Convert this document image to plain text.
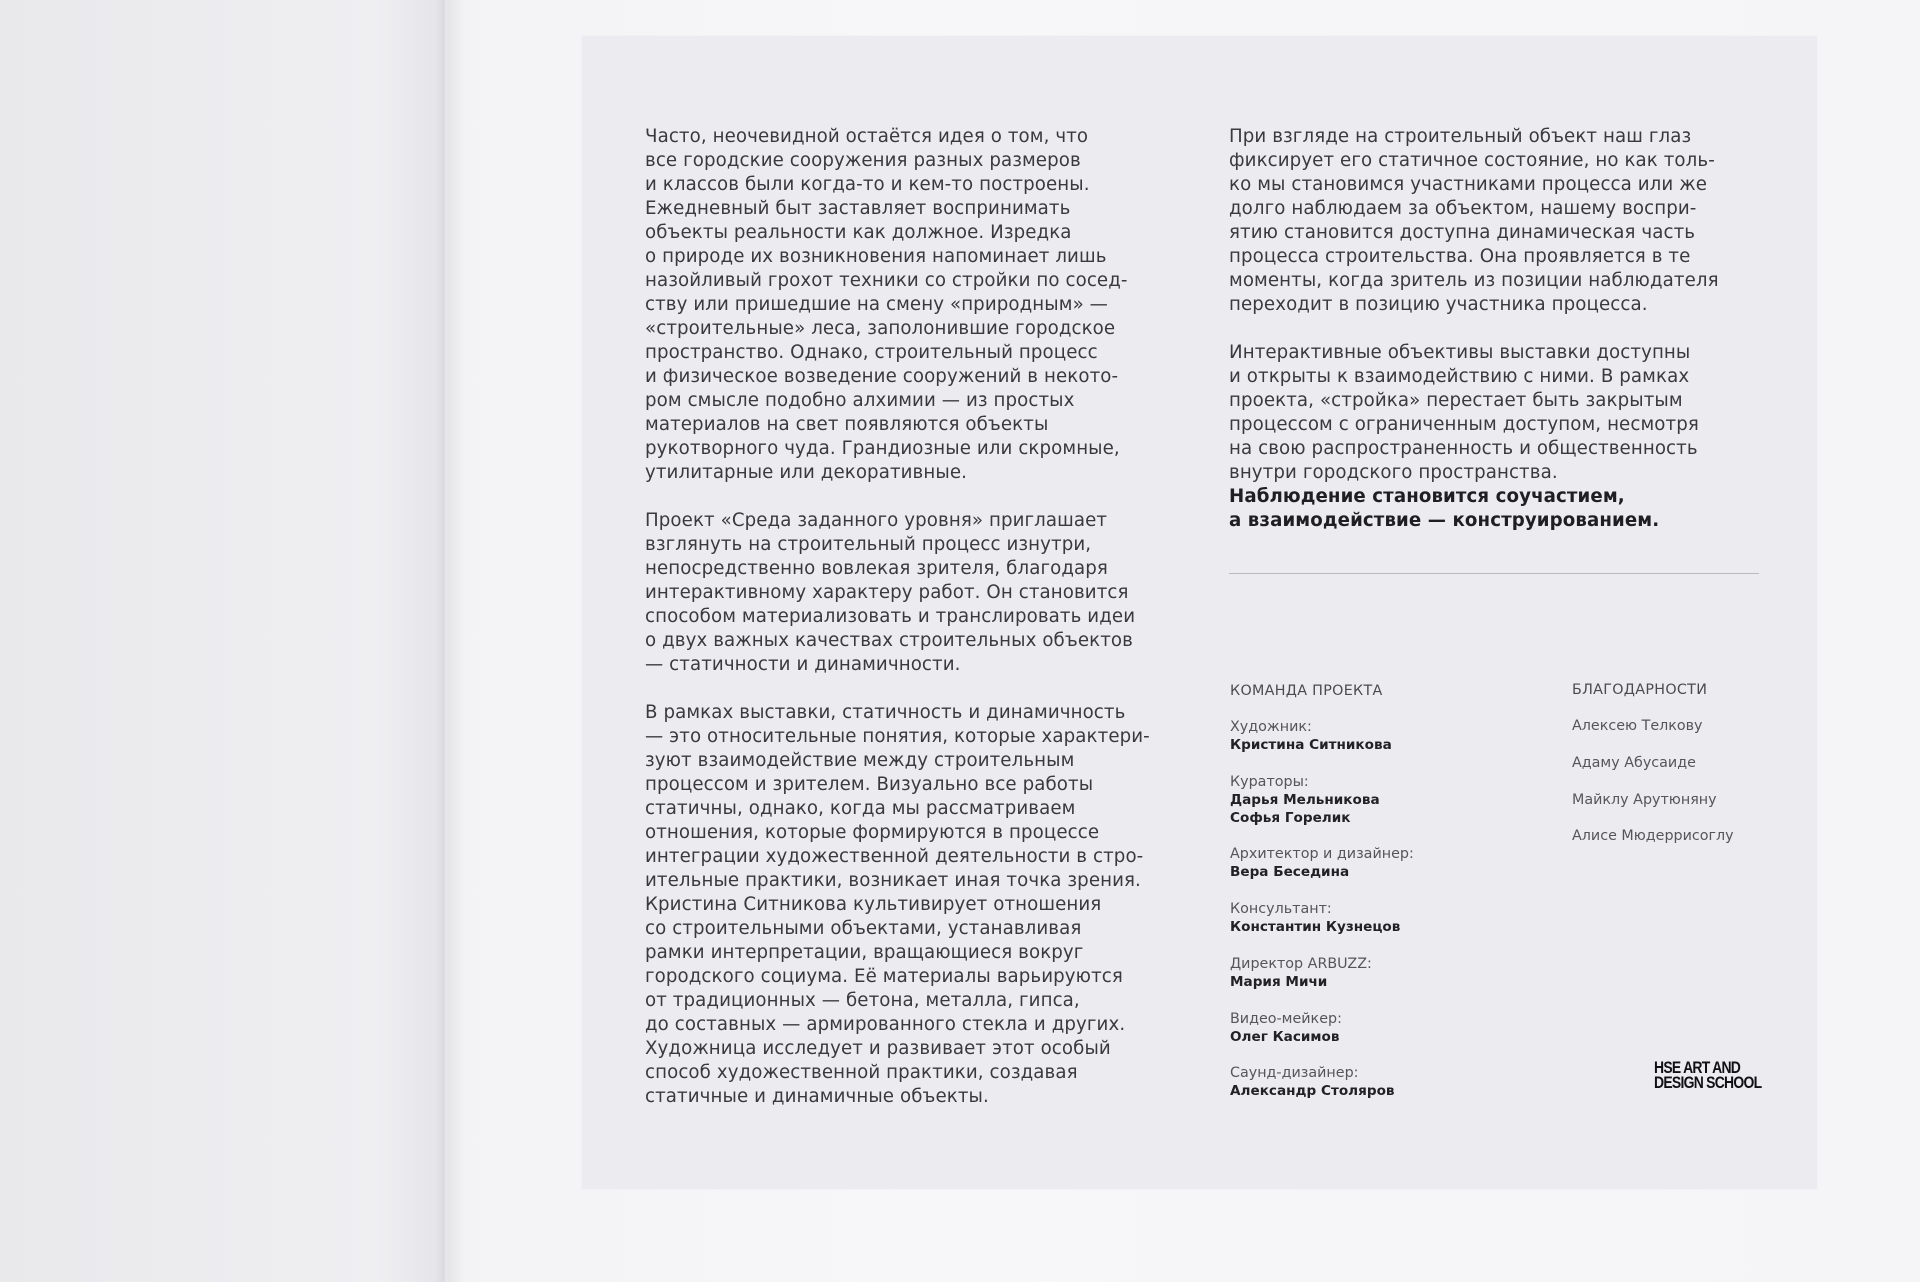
Часто, неочевидной остаётся идея о том, что
все городские сооружения разных размеров
и классов были когда-то и кем-то построены.
Ежедневный быт заставляет воспринимать
объекты реальности как должное. Изредка
о природе их возникновения напоминает лишь
назойливый грохот техники со стройки по сосед-
ству или пришедшие на смену «природным» —
«строительные» леса, заполонившие городское
пространство. Однако, строительный процесс
и физическое возведение сооружений в некото-
ром смысле подобно алхимии — из простых
материалов на свет появляются объекты
рукотворного чуда. Грандиозные или скромные,
утилитарные или декоративные.
Проект «Среда заданного уровня» приглашает
взглянуть на строительный процесс изнутри,
непосредственно вовлекая зрителя, благодаря
интерактивному характеру работ. Он становится
способом материализовать и транслировать идеи
о двух важных качествах строительных объектов
— статичности и динамичности.
В рамках выставки, статичность и динамичность
— это относительные понятия, которые характери-
зуют взаимодействие между строительным
процессом и зрителем. Визуально все работы
статичны, однако, когда мы рассматриваем
отношения, которые формируются в процессе
интеграции художественной деятельности в стро-
ительные практики, возникает иная точка зрения.
Кристина Ситникова культивирует отношения
со строительными объектами, устанавливая
рамки интерпретации, вращающиеся вокруг
городского социума. Её материалы варьируются
от традиционных — бетона, металла, гипса,
до составных — армированного стекла и других.
Художница исследует и развивает этот особый
способ художественной практики, создавая
статичные и динамичные объекты.
При взгляде на строительный объект наш глаз
фиксирует его статичное состояние, но как толь-
ко мы становимся участниками процесса или же
долго наблюдаем за объектом, нашему воспри-
ятию становится доступна динамическая часть
процесса строительства. Она проявляется в те
моменты, когда зритель из позиции наблюдателя
переходит в позицию участника процесса.
Интерактивные объективы выставки доступны
и открыты к взаимодействию с ними. В рамках
проекта, «стройка» перестает быть закрытым
процессом с ограниченным доступом, несмотря
на свою распространенность и общественность
внутри городского пространства.
Наблюдение становится соучастием,
а взаимодействие — конструированием.
КОМАНДА ПРОЕКТА	БЛАГОДАРНОСТИ
Художник:
Кристина Ситникова
Кураторы:
Дарья Мельникова
Софья Горелик
Архитектор и дизайнер:
Вера Беседина
Консультант:
Константин Кузнецов
Директор ARBUZZ:
Мария Мичи
Видео-мейкер:
Олег Касимов
Саунд-дизайнер:
Александр Столяров
Алексею Телкову
Адаму Абусаиде
Майклу Арутюняну
Алисе Мюдеррисоглу
HSE ART AND
DESIGN SCHOOL
